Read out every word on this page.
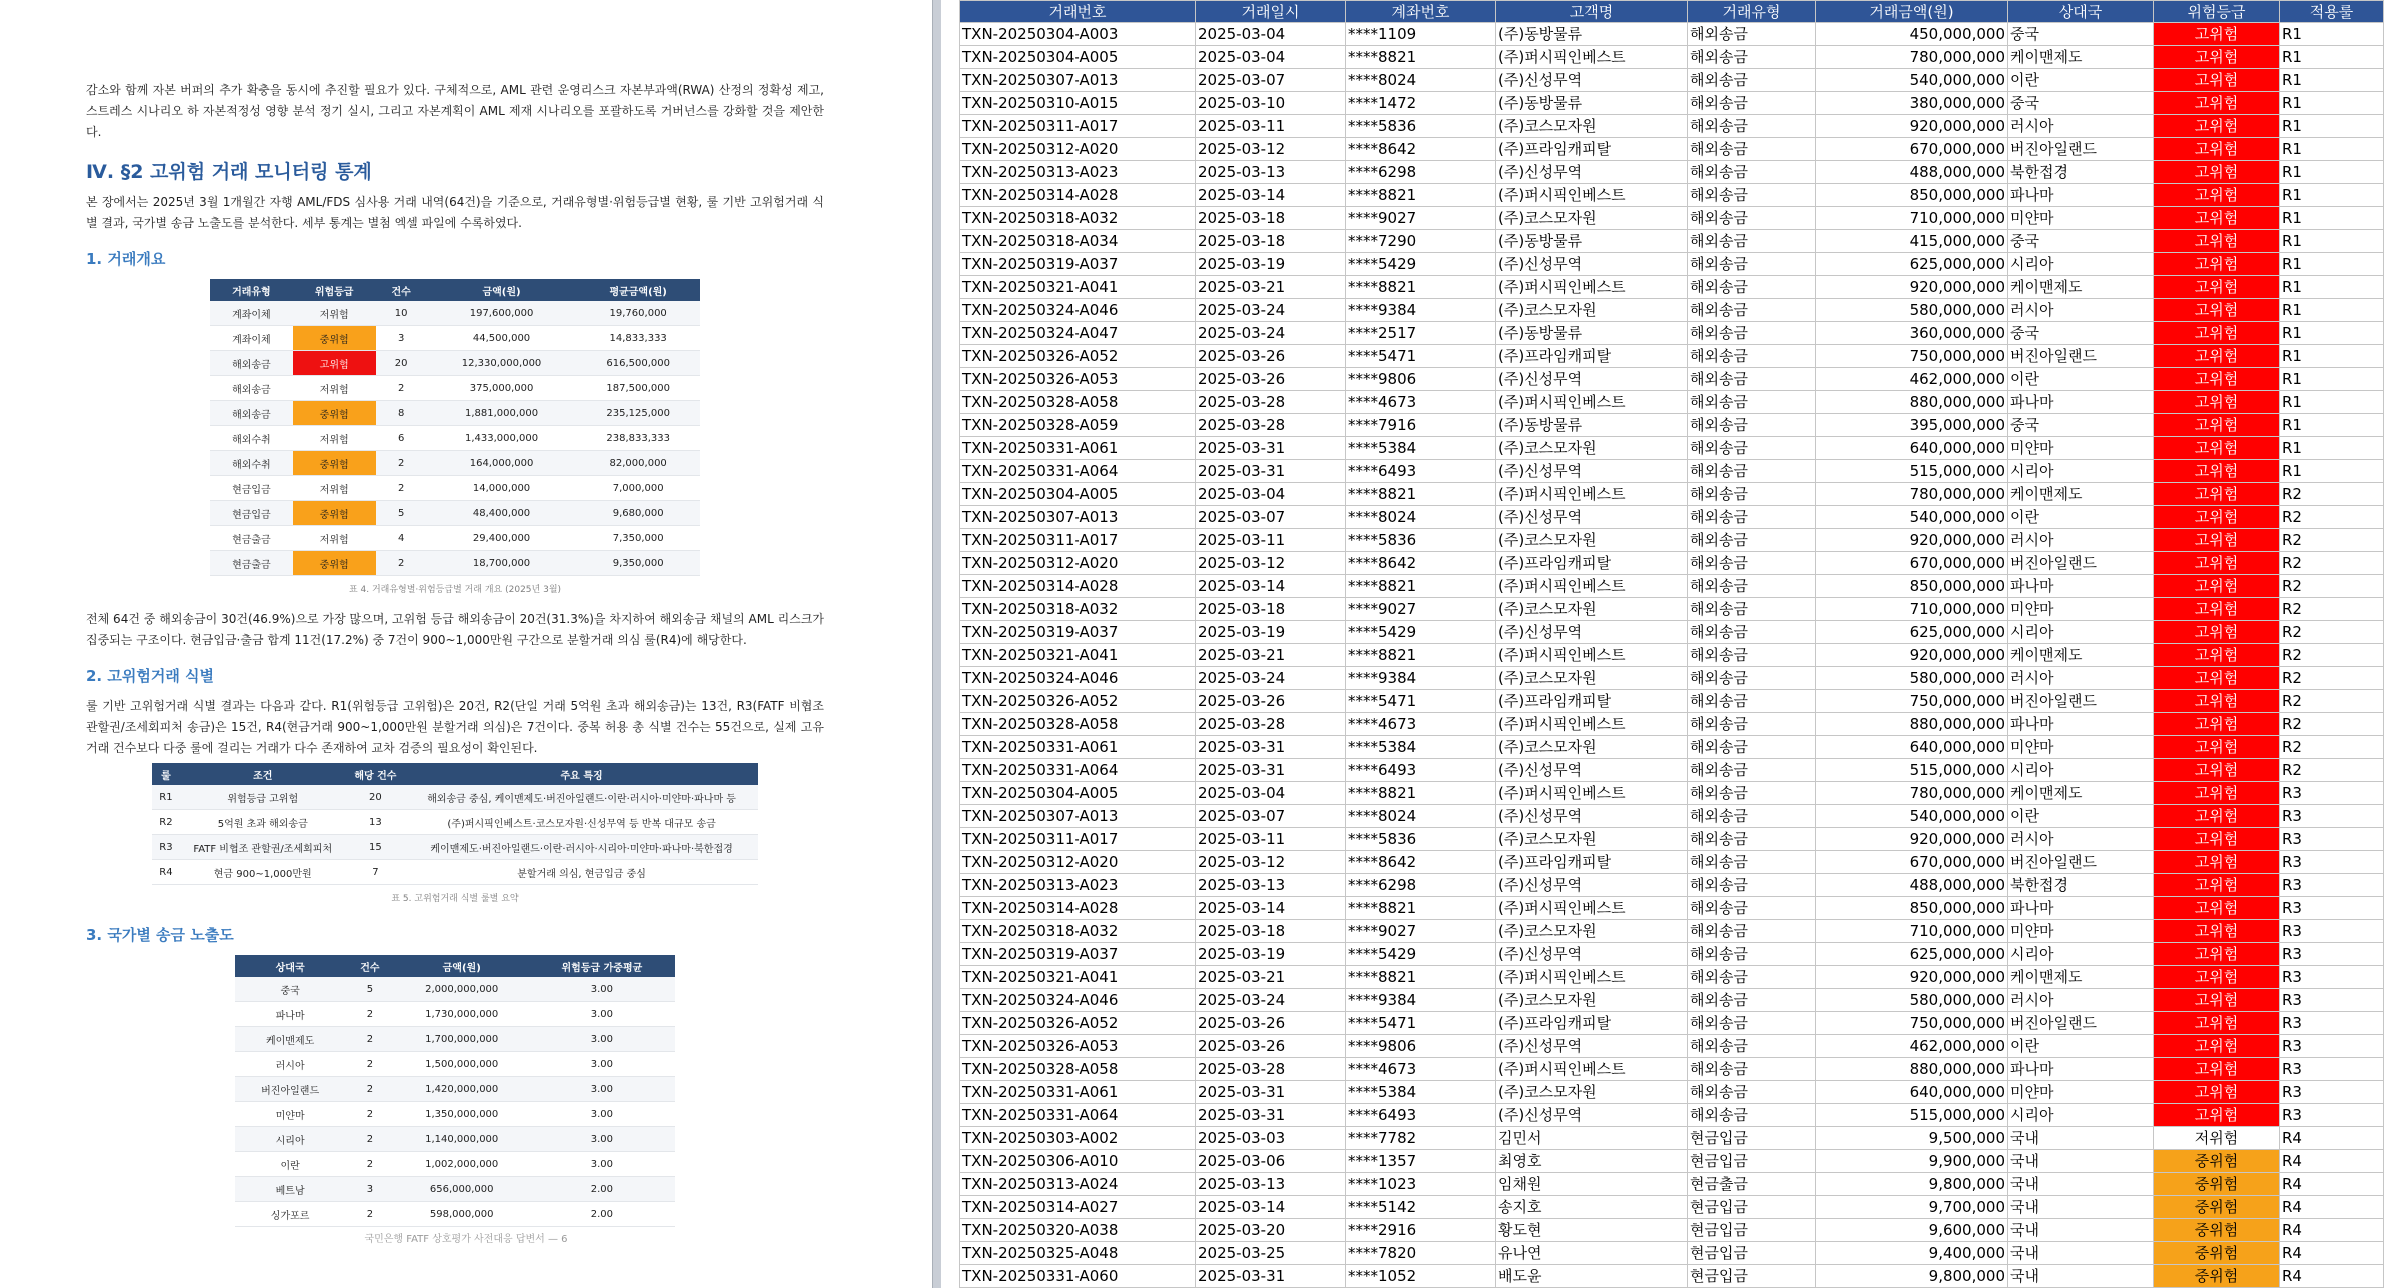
감소와 함께 자본 버퍼의 추가 확충을 동시에 추진할 필요가 있다. 구체적으로, AML 관련 운영리스크 자본부과액(RWA) 산정의 정확성 제고, 스트레스 시나리오 하 자본적정성 영향 분석 정기 실시, 그리고 자본계획이 AML 제재 시나리오를 포괄하도록 거버넌스를 강화할 것을 제안한다.

Ⅳ. §2 고위험 거래 모니터링 통계

본 장에서는 2025년 3월 1개월간 자행 AML/FDS 심사용 거래 내역(64건)을 기준으로, 거래유형별·위험등급별 현황, 룰 기반 고위험거래 식별 결과, 국가별 송금 노출도를 분석한다. 세부 통계는 별첨 엑셀 파일에 수록하였다.

1. 거래개요
거래유형	위험등급	건수	금액(원)	평균금액(원)
계좌이체	저위험	10	197,600,000	19,760,000
계좌이체	중위험	3	44,500,000	14,833,333
해외송금	고위험	20	12,330,000,000	616,500,000
해외송금	저위험	2	375,000,000	187,500,000
해외송금	중위험	8	1,881,000,000	235,125,000
해외수취	저위험	6	1,433,000,000	238,833,333
해외수취	중위험	2	164,000,000	82,000,000
현금입금	저위험	2	14,000,000	7,000,000
현금입금	중위험	5	48,400,000	9,680,000
현금출금	저위험	4	29,400,000	7,350,000
현금출금	중위험	2	18,700,000	9,350,000
표 4. 거래유형별·위험등급별 거래 개요 (2025년 3월)

전체 64건 중 해외송금이 30건(46.9%)으로 가장 많으며, 고위험 등급 해외송금이 20건(31.3%)을 차지하여 해외송금 채널의 AML 리스크가 집중되는 구조이다. 현금입금·출금 합계 11건(17.2%) 중 7건이 900~1,000만원 구간으로 분할거래 의심 룰(R4)에 해당한다.

2. 고위험거래 식별

룰 기반 고위험거래 식별 결과는 다음과 같다. R1(위험등급 고위험)은 20건, R2(단일 거래 5억원 초과 해외송금)는 13건, R3(FATF 비협조 관할권/조세회피처 송금)은 15건, R4(현금거래 900~1,000만원 분할거래 의심)은 7건이다. 중복 허용 총 식별 건수는 55건으로, 실제 고유 거래 건수보다 다중 룰에 걸리는 거래가 다수 존재하여 교차 검증의 필요성이 확인된다.

룰	조건	해당 건수	주요 특징
R1	위험등급 고위험	20	해외송금 중심, 케이맨제도·버진아일랜드·이란·러시아·미얀마·파나마 등
R2	5억원 초과 해외송금	13	(주)퍼시픽인베스트·코스모자원·신성무역 등 반복 대규모 송금
R3	FATF 비협조 관할권/조세회피처	15	케이맨제도·버진아일랜드·이란·러시아·시리아·미얀마·파나마·북한접경
R4	현금 900~1,000만원	7	분할거래 의심, 현금입금 중심
표 5. 고위험거래 식별 룰별 요약
3. 국가별 송금 노출도
상대국	건수	금액(원)	위험등급 가중평균
중국	5	2,000,000,000	3.00
파나마	2	1,730,000,000	3.00
케이맨제도	2	1,700,000,000	3.00
러시아	2	1,500,000,000	3.00
버진아일랜드	2	1,420,000,000	3.00
미얀마	2	1,350,000,000	3.00
시리아	2	1,140,000,000	3.00
이란	2	1,002,000,000	3.00
베트남	3	656,000,000	2.00
싱가포르	2	598,000,000	2.00
국민은행 FATF 상호평가 사전대응 답변서 — 6
거래번호	거래일시	계좌번호	고객명	거래유형	거래금액(원)	상대국	위험등급	적용룰
TXN-20250304-A003	2025-03-04	****1109	(주)동방물류	해외송금	450,000,000	중국	고위험	R1
TXN-20250304-A005	2025-03-04	****8821	(주)퍼시픽인베스트	해외송금	780,000,000	케이맨제도	고위험	R1
TXN-20250307-A013	2025-03-07	****8024	(주)신성무역	해외송금	540,000,000	이란	고위험	R1
TXN-20250310-A015	2025-03-10	****1472	(주)동방물류	해외송금	380,000,000	중국	고위험	R1
TXN-20250311-A017	2025-03-11	****5836	(주)코스모자원	해외송금	920,000,000	러시아	고위험	R1
TXN-20250312-A020	2025-03-12	****8642	(주)프라임캐피탈	해외송금	670,000,000	버진아일랜드	고위험	R1
TXN-20250313-A023	2025-03-13	****6298	(주)신성무역	해외송금	488,000,000	북한접경	고위험	R1
TXN-20250314-A028	2025-03-14	****8821	(주)퍼시픽인베스트	해외송금	850,000,000	파나마	고위험	R1
TXN-20250318-A032	2025-03-18	****9027	(주)코스모자원	해외송금	710,000,000	미얀마	고위험	R1
TXN-20250318-A034	2025-03-18	****7290	(주)동방물류	해외송금	415,000,000	중국	고위험	R1
TXN-20250319-A037	2025-03-19	****5429	(주)신성무역	해외송금	625,000,000	시리아	고위험	R1
TXN-20250321-A041	2025-03-21	****8821	(주)퍼시픽인베스트	해외송금	920,000,000	케이맨제도	고위험	R1
TXN-20250324-A046	2025-03-24	****9384	(주)코스모자원	해외송금	580,000,000	러시아	고위험	R1
TXN-20250324-A047	2025-03-24	****2517	(주)동방물류	해외송금	360,000,000	중국	고위험	R1
TXN-20250326-A052	2025-03-26	****5471	(주)프라임캐피탈	해외송금	750,000,000	버진아일랜드	고위험	R1
TXN-20250326-A053	2025-03-26	****9806	(주)신성무역	해외송금	462,000,000	이란	고위험	R1
TXN-20250328-A058	2025-03-28	****4673	(주)퍼시픽인베스트	해외송금	880,000,000	파나마	고위험	R1
TXN-20250328-A059	2025-03-28	****7916	(주)동방물류	해외송금	395,000,000	중국	고위험	R1
TXN-20250331-A061	2025-03-31	****5384	(주)코스모자원	해외송금	640,000,000	미얀마	고위험	R1
TXN-20250331-A064	2025-03-31	****6493	(주)신성무역	해외송금	515,000,000	시리아	고위험	R1
TXN-20250304-A005	2025-03-04	****8821	(주)퍼시픽인베스트	해외송금	780,000,000	케이맨제도	고위험	R2
TXN-20250307-A013	2025-03-07	****8024	(주)신성무역	해외송금	540,000,000	이란	고위험	R2
TXN-20250311-A017	2025-03-11	****5836	(주)코스모자원	해외송금	920,000,000	러시아	고위험	R2
TXN-20250312-A020	2025-03-12	****8642	(주)프라임캐피탈	해외송금	670,000,000	버진아일랜드	고위험	R2
TXN-20250314-A028	2025-03-14	****8821	(주)퍼시픽인베스트	해외송금	850,000,000	파나마	고위험	R2
TXN-20250318-A032	2025-03-18	****9027	(주)코스모자원	해외송금	710,000,000	미얀마	고위험	R2
TXN-20250319-A037	2025-03-19	****5429	(주)신성무역	해외송금	625,000,000	시리아	고위험	R2
TXN-20250321-A041	2025-03-21	****8821	(주)퍼시픽인베스트	해외송금	920,000,000	케이맨제도	고위험	R2
TXN-20250324-A046	2025-03-24	****9384	(주)코스모자원	해외송금	580,000,000	러시아	고위험	R2
TXN-20250326-A052	2025-03-26	****5471	(주)프라임캐피탈	해외송금	750,000,000	버진아일랜드	고위험	R2
TXN-20250328-A058	2025-03-28	****4673	(주)퍼시픽인베스트	해외송금	880,000,000	파나마	고위험	R2
TXN-20250331-A061	2025-03-31	****5384	(주)코스모자원	해외송금	640,000,000	미얀마	고위험	R2
TXN-20250331-A064	2025-03-31	****6493	(주)신성무역	해외송금	515,000,000	시리아	고위험	R2
TXN-20250304-A005	2025-03-04	****8821	(주)퍼시픽인베스트	해외송금	780,000,000	케이맨제도	고위험	R3
TXN-20250307-A013	2025-03-07	****8024	(주)신성무역	해외송금	540,000,000	이란	고위험	R3
TXN-20250311-A017	2025-03-11	****5836	(주)코스모자원	해외송금	920,000,000	러시아	고위험	R3
TXN-20250312-A020	2025-03-12	****8642	(주)프라임캐피탈	해외송금	670,000,000	버진아일랜드	고위험	R3
TXN-20250313-A023	2025-03-13	****6298	(주)신성무역	해외송금	488,000,000	북한접경	고위험	R3
TXN-20250314-A028	2025-03-14	****8821	(주)퍼시픽인베스트	해외송금	850,000,000	파나마	고위험	R3
TXN-20250318-A032	2025-03-18	****9027	(주)코스모자원	해외송금	710,000,000	미얀마	고위험	R3
TXN-20250319-A037	2025-03-19	****5429	(주)신성무역	해외송금	625,000,000	시리아	고위험	R3
TXN-20250321-A041	2025-03-21	****8821	(주)퍼시픽인베스트	해외송금	920,000,000	케이맨제도	고위험	R3
TXN-20250324-A046	2025-03-24	****9384	(주)코스모자원	해외송금	580,000,000	러시아	고위험	R3
TXN-20250326-A052	2025-03-26	****5471	(주)프라임캐피탈	해외송금	750,000,000	버진아일랜드	고위험	R3
TXN-20250326-A053	2025-03-26	****9806	(주)신성무역	해외송금	462,000,000	이란	고위험	R3
TXN-20250328-A058	2025-03-28	****4673	(주)퍼시픽인베스트	해외송금	880,000,000	파나마	고위험	R3
TXN-20250331-A061	2025-03-31	****5384	(주)코스모자원	해외송금	640,000,000	미얀마	고위험	R3
TXN-20250331-A064	2025-03-31	****6493	(주)신성무역	해외송금	515,000,000	시리아	고위험	R3
TXN-20250303-A002	2025-03-03	****7782	김민서	현금입금	9,500,000	국내	저위험	R4
TXN-20250306-A010	2025-03-06	****1357	최영호	현금입금	9,900,000	국내	중위험	R4
TXN-20250313-A024	2025-03-13	****1023	임채원	현금출금	9,800,000	국내	중위험	R4
TXN-20250314-A027	2025-03-14	****5142	송지호	현금입금	9,700,000	국내	중위험	R4
TXN-20250320-A038	2025-03-20	****2916	황도현	현금입금	9,600,000	국내	중위험	R4
TXN-20250325-A048	2025-03-25	****7820	유나연	현금입금	9,400,000	국내	중위험	R4
TXN-20250331-A060	2025-03-31	****1052	배도윤	현금입금	9,800,000	국내	중위험	R4
